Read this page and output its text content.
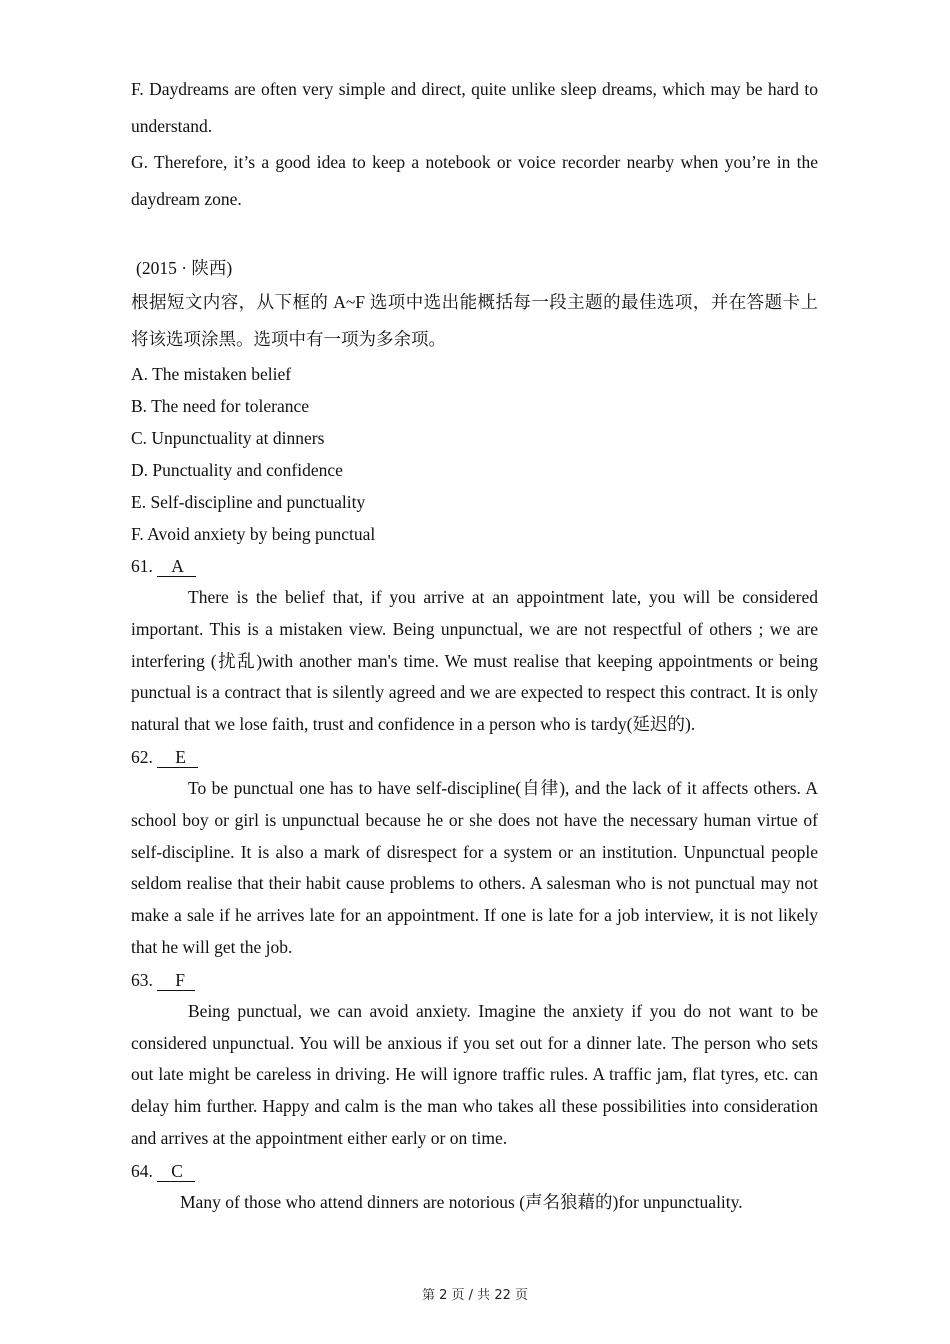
F. Daydreams are often very simple and direct, quite unlike sleep dreams, which may be hard to understand.

G. Therefore, it’s a good idea to keep a notebook or voice recorder nearby when you’re in the daydream zone.

(2015 · 陕西)

根据短文内容，从下框的 A~F 选项中选出能概括每一段主题的最佳选项，并在答题卡上将该选项涂黑。选项中有一项为多余项。

A. The mistaken belief

B. The need for tolerance

C. Unpunctuality at dinners

D. Punctuality and confidence

E. Self-discipline and punctuality

F. Avoid anxiety by being punctual

61. A

There is the belief that, if you arrive at an appointment late, you will be considered important. This is a mistaken view. Being unpunctual, we are not respectful of others ; we are interfering (扰乱)with another man's time. We must realise that keeping appointments or being punctual is a contract that is silently agreed and we are expected to respect this contract. It is only natural that we lose faith, trust and confidence in a person who is tardy(延迟的).

62. E

To be punctual one has to have self-discipline(自律), and the lack of it affects others. A school boy or girl is unpunctual because he or she does not have the necessary human virtue of self-discipline. It is also a mark of disrespect for a system or an institution. Unpunctual people seldom realise that their habit cause problems to others. A salesman who is not punctual may not make a sale if he arrives late for an appointment. If one is late for a job interview, it is not likely that he will get the job.

63. F

Being punctual, we can avoid anxiety. Imagine the anxiety if you do not want to be considered unpunctual. You will be anxious if you set out for a dinner late. The person who sets out late might be careless in driving. He will ignore traffic rules. A traffic jam, flat tyres, etc. can delay him further. Happy and calm is the man who takes all these possibilities into consideration and arrives at the appointment either early or on time.

64. C

Many of those who attend dinners are notorious (声名狼藉的)for unpunctuality.

第 2 页 / 共 22 页
